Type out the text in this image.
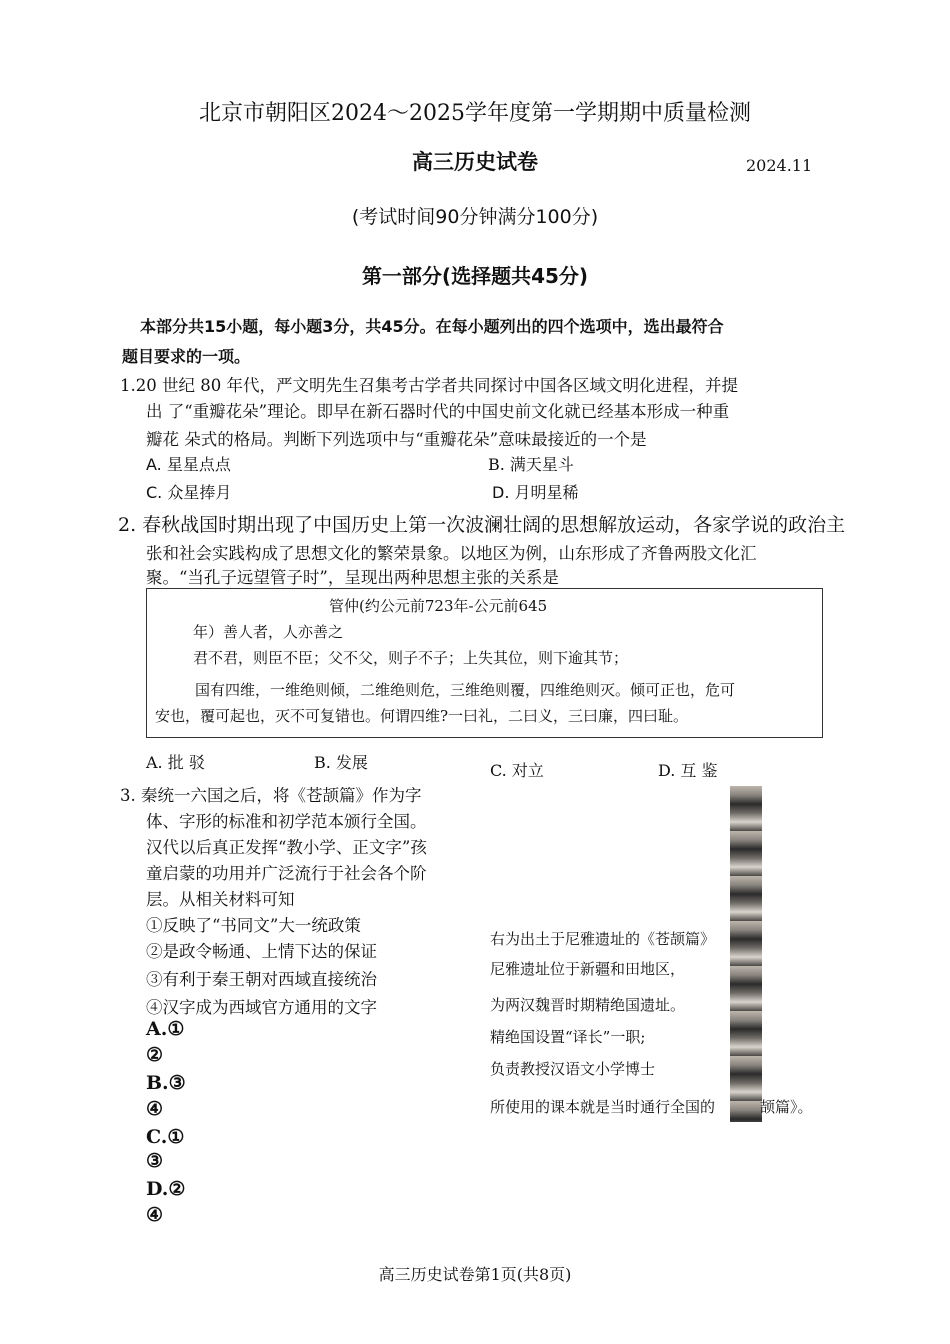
北京市朝阳区2024～2025学年度第一学期期中质量检测
高三历史试卷	2024.11
(考试时间90分钟满分100分)
第一部分(选择题共45分)
本部分共15小题，每小题3分，共45分。在每小题列出的四个选项中，选出最符合
题目要求的一项。
1.20 世纪 80 年代，严文明先生召集考古学者共同探讨中国各区域文明化进程，并提
出 了“重瓣花朵”理论。即早在新石器时代的中国史前文化就已经基本形成一种重
瓣花 朵式的格局。判断下列选项中与“重瓣花朵”意味最接近的一个是
A. 星星点点	B. 满天星斗
C. 众星捧月	D. 月明星稀
2. 春秋战国时期出现了中国历史上第一次波澜壮阔的思想解放运动，各家学说的政治主
张和社会实践构成了思想文化的繁荣景象。以地区为例，山东形成了齐鲁两股文化汇
聚。“当孔子远望管子时”，呈现出两种思想主张的关系是
管仲(约公元前723年-公元前645
年）善人者，人亦善之
君不君，则臣不臣；父不父，则子不子；上失其位，则下逾其节；
国有四维，一维绝则倾，二维绝则危，三维绝则覆，四维绝则灭。倾可正也，危可
安也，覆可起也，灭不可复错也。何谓四维?一曰礼，二曰义，三曰廉，四曰耻。
A. 批 驳	B. 发展	C. 对立	D. 互 鉴
3. 秦统一六国之后，将《苍颉篇》作为字
体、字形的标准和初学范本颁行全国。
汉代以后真正发挥“教小学、正文字”孩
童启蒙的功用并广泛流行于社会各个阶
层。从相关材料可知
①反映了“书同文”大一统政策
②是政令畅通、上情下达的保证
③有利于秦王朝对西域直接统治
④汉字成为西域官方通用的文字
A.①
②
B.③
④
C.①
③
D.②
④
右为出土于尼雅遗址的《苍颉篇》
尼雅遗址位于新疆和田地区，
为两汉魏晋时期精绝国遗址。
精绝国设置“译长”一职;
负责教授汉语文小学博士
所使用的课本就是当时通行全国的	颉篇》。
高三历史试卷第1页(共8页)
